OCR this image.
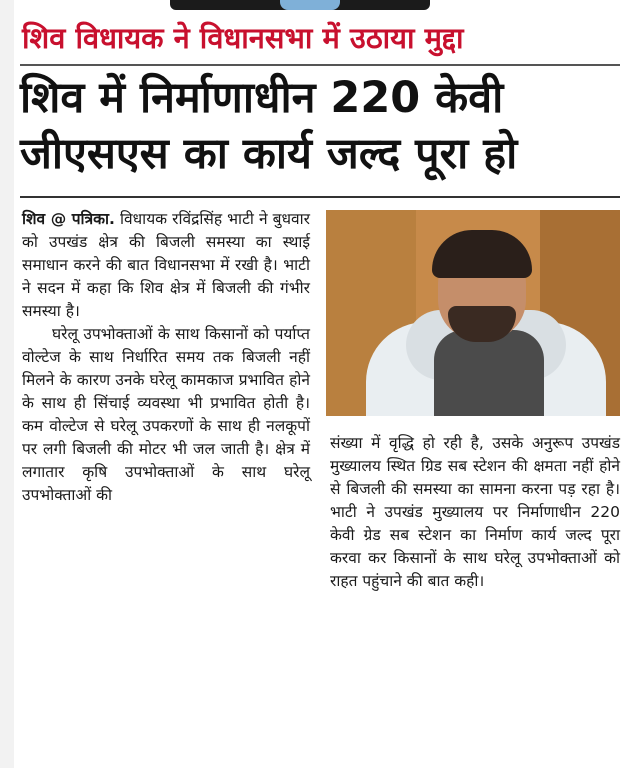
शिव विधायक ने विधानसभा में उठाया मुद्दा
शिव में निर्माणाधीन 220 केवी
जीएसएस का कार्य जल्द पूरा हो
शिव @ पत्रिका. विधायक रविंद्रसिंह भाटी ने बुधवार को उपखंड क्षेत्र की बिजली समस्या का स्थाई समाधान करने की बात विधानसभा में रखी है। भाटी ने सदन में कहा कि शिव क्षेत्र में बिजली की गंभीर समस्या है।
घरेलू उपभोक्ताओं के साथ किसानों को पर्याप्त वोल्टेज के साथ निर्धारित समय तक बिजली नहीं मिलने के कारण उनके घरेलू कामकाज प्रभावित होने के साथ ही सिंचाई व्यवस्था भी प्रभावित होती है। कम वोल्टेज से घरेलू उपकरणों के साथ ही नलकूपों पर लगी बिजली की मोटर भी जल जाती है। क्षेत्र में लगातार कृषि उपभोक्ताओं के साथ घरेलू उपभोक्ताओं की
संख्या में वृद्धि हो रही है, उसके अनुरूप उपखंड मुख्यालय स्थित ग्रिड सब स्टेशन की क्षमता नहीं होने से बिजली की समस्या का सामना करना पड़ रहा है। भाटी ने उपखंड मुख्यालय पर निर्माणाधीन 220 केवी ग्रेड सब स्टेशन का निर्माण कार्य जल्द पूरा करवा कर किसानों के साथ घरेलू उपभोक्ताओं को राहत पहुंचाने की बात कही।
